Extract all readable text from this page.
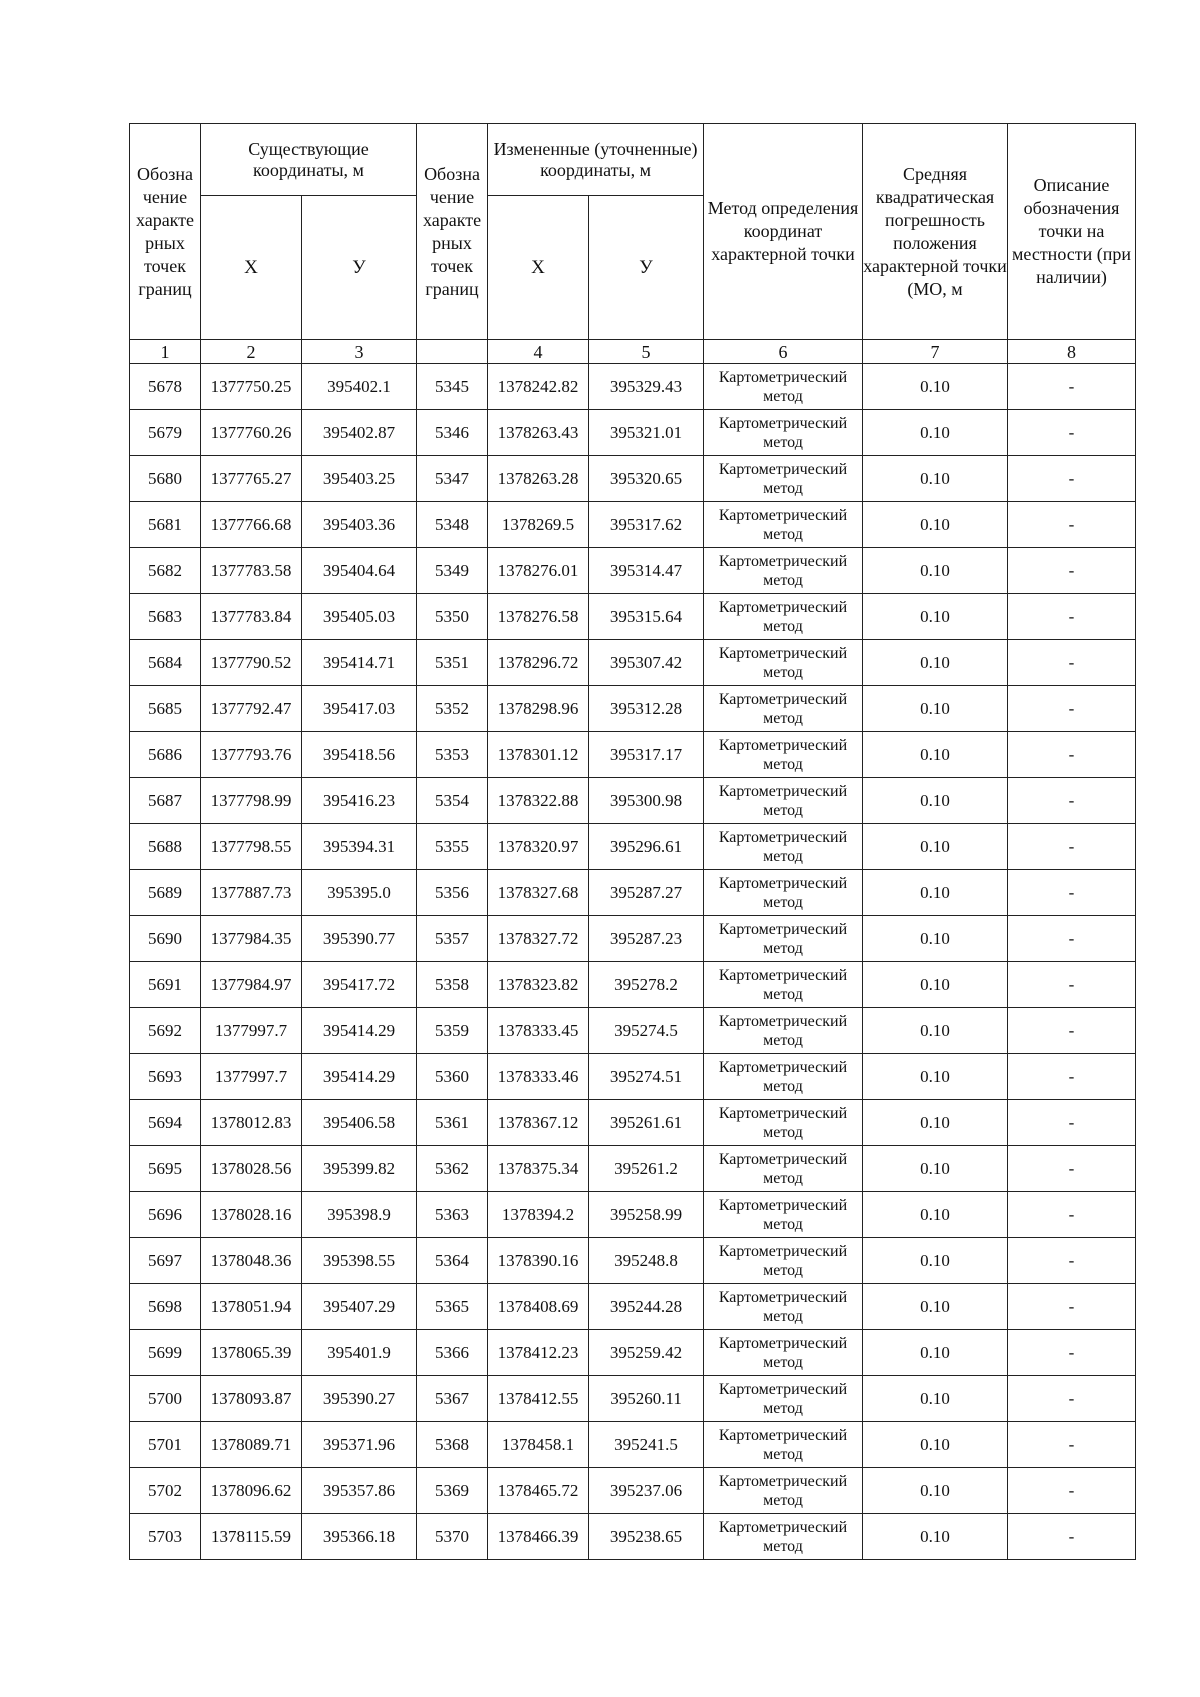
Обозна чение характе рных точек границ	Существующие координаты, м		Обозна чение характе рных точек границ	Измененные (уточненные) координаты, м		Метод определения координат характерной точки	Средняя квадратическая погрешность положения характерной точки (МО, м	Описание обозначения точки на местности (при наличии)
	Х	У		Х	У			
1	2	3		4	5	6	7	8
5678	1377750.25	395402.1	5345	1378242.82	395329.43	Картометрический
метод	0.10	-
5679	1377760.26	395402.87	5346	1378263.43	395321.01	Картометрический
метод	0.10	-
5680	1377765.27	395403.25	5347	1378263.28	395320.65	Картометрический
метод	0.10	-
5681	1377766.68	395403.36	5348	1378269.5	395317.62	Картометрический
метод	0.10	-
5682	1377783.58	395404.64	5349	1378276.01	395314.47	Картометрический
метод	0.10	-
5683	1377783.84	395405.03	5350	1378276.58	395315.64	Картометрический
метод	0.10	-
5684	1377790.52	395414.71	5351	1378296.72	395307.42	Картометрический
метод	0.10	-
5685	1377792.47	395417.03	5352	1378298.96	395312.28	Картометрический
метод	0.10	-
5686	1377793.76	395418.56	5353	1378301.12	395317.17	Картометрический
метод	0.10	-
5687	1377798.99	395416.23	5354	1378322.88	395300.98	Картометрический
метод	0.10	-
5688	1377798.55	395394.31	5355	1378320.97	395296.61	Картометрический
метод	0.10	-
5689	1377887.73	395395.0	5356	1378327.68	395287.27	Картометрический
метод	0.10	-
5690	1377984.35	395390.77	5357	1378327.72	395287.23	Картометрический
метод	0.10	-
5691	1377984.97	395417.72	5358	1378323.82	395278.2	Картометрический
метод	0.10	-
5692	1377997.7	395414.29	5359	1378333.45	395274.5	Картометрический
метод	0.10	-
5693	1377997.7	395414.29	5360	1378333.46	395274.51	Картометрический
метод	0.10	-
5694	1378012.83	395406.58	5361	1378367.12	395261.61	Картометрический
метод	0.10	-
5695	1378028.56	395399.82	5362	1378375.34	395261.2	Картометрический
метод	0.10	-
5696	1378028.16	395398.9	5363	1378394.2	395258.99	Картометрический
метод	0.10	-
5697	1378048.36	395398.55	5364	1378390.16	395248.8	Картометрический
метод	0.10	-
5698	1378051.94	395407.29	5365	1378408.69	395244.28	Картометрический
метод	0.10	-
5699	1378065.39	395401.9	5366	1378412.23	395259.42	Картометрический
метод	0.10	-
5700	1378093.87	395390.27	5367	1378412.55	395260.11	Картометрический
метод	0.10	-
5701	1378089.71	395371.96	5368	1378458.1	395241.5	Картометрический
метод	0.10	-
5702	1378096.62	395357.86	5369	1378465.72	395237.06	Картометрический
метод	0.10	-
5703	1378115.59	395366.18	5370	1378466.39	395238.65	Картометрический
метод	0.10	-
